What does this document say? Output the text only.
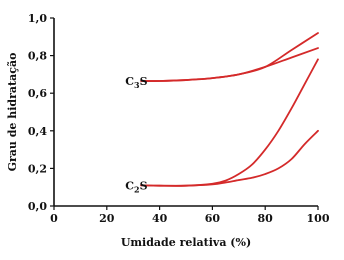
0	20	40	60	80	100
0,0
0,2
0,4
0,6
0,8
1,0
Umidade relativa (%)
Grau de hidratação	$C_3S$
$C_2S$
